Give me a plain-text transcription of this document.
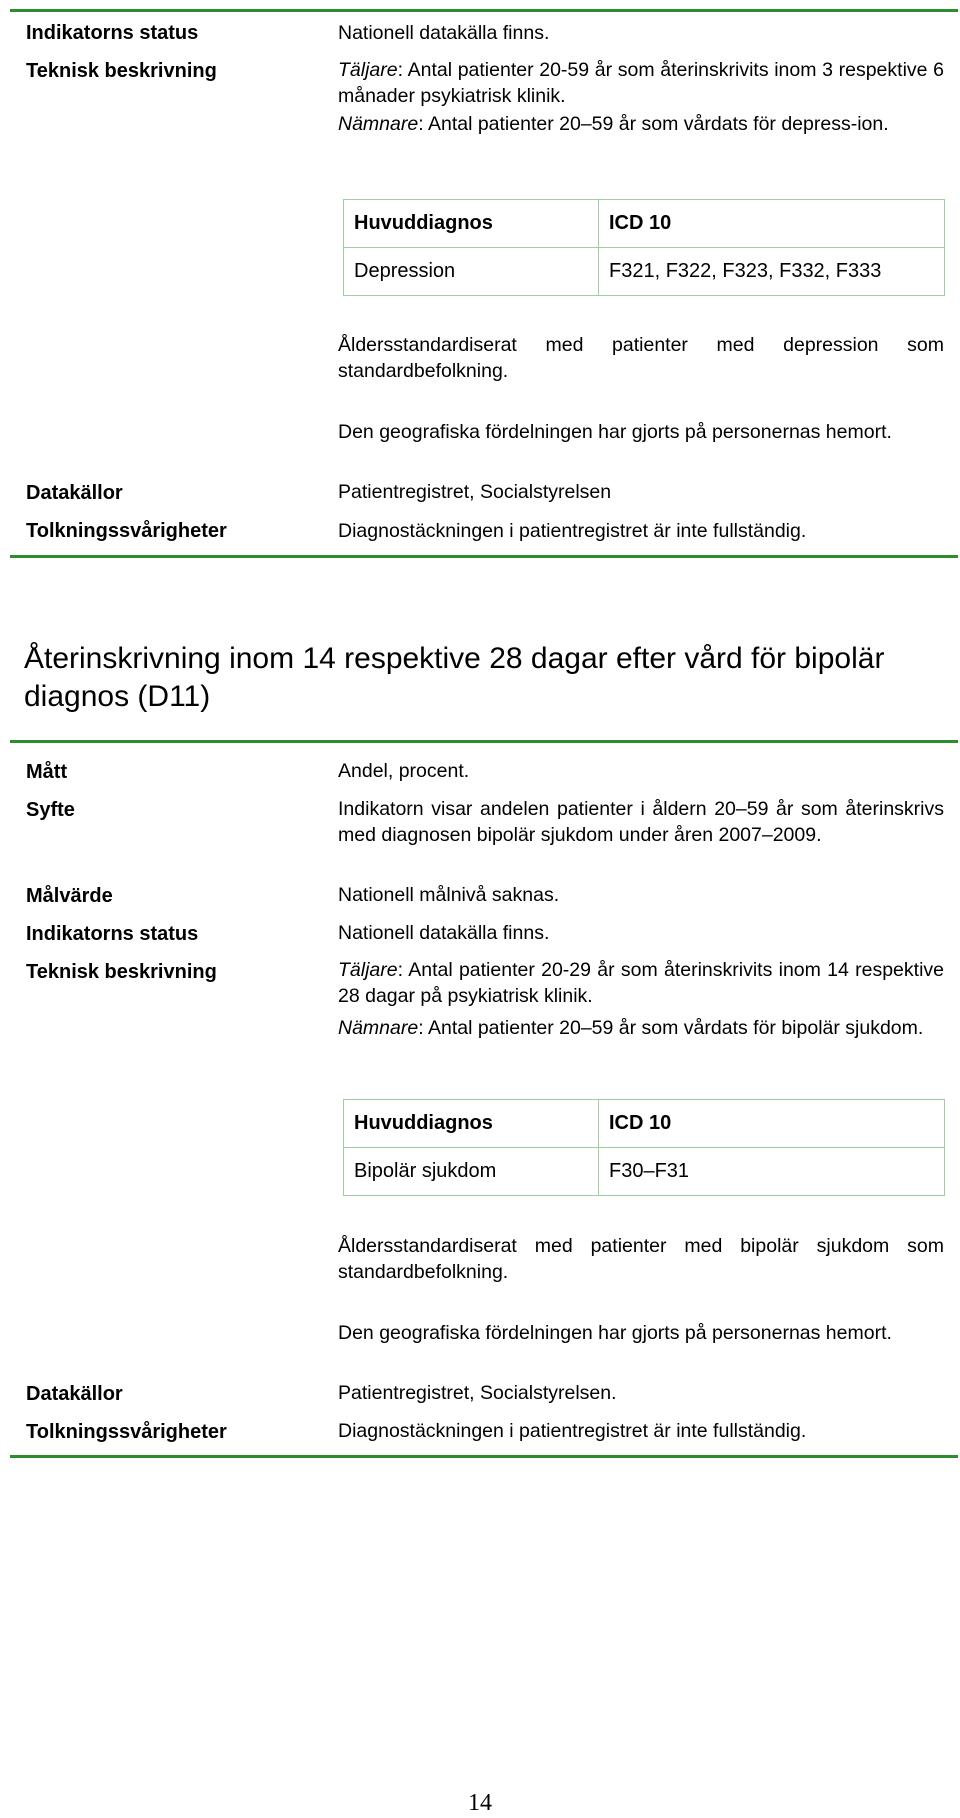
Indikatorns status	Nationell datakälla finns.
Teknisk beskrivning	Täljare: Antal patienter 20-59 år som återinskrivits inom 3 respektive 6 månader psykiatrisk klinik.
Nämnare: Antal patienter 20–59 år som vårdats för depress-ion.
Huvuddiagnos	ICD 10
Depression	F321, F322, F323, F332, F333
Åldersstandardiserat med patienter med depression som standardbefolkning.
Den geografiska fördelningen har gjorts på personernas hemort.
Datakällor	Patientregistret, Socialstyrelsen
Tolkningssvårigheter	Diagnostäckningen i patientregistret är inte fullständig.
Återinskrivning inom 14 respektive 28 dagar efter vård för bipolär diagnos (D11)
Mått	Andel, procent.
Syfte	Indikatorn visar andelen patienter i åldern 20–59 år som återinskrivs med diagnosen bipolär sjukdom under åren 2007–2009.
Målvärde	Nationell målnivå saknas.
Indikatorns status	Nationell datakälla finns.
Teknisk beskrivning	Täljare: Antal patienter 20-29 år som återinskrivits inom 14 respektive 28 dagar på psykiatrisk klinik.
Nämnare: Antal patienter 20–59 år som vårdats för bipolär sjukdom.
Huvuddiagnos	ICD 10
Bipolär sjukdom	F30–F31
Åldersstandardiserat med patienter med bipolär sjukdom som standardbefolkning.
Den geografiska fördelningen har gjorts på personernas hemort.
Datakällor	Patientregistret, Socialstyrelsen.
Tolkningssvårigheter	Diagnostäckningen i patientregistret är inte fullständig.
14
